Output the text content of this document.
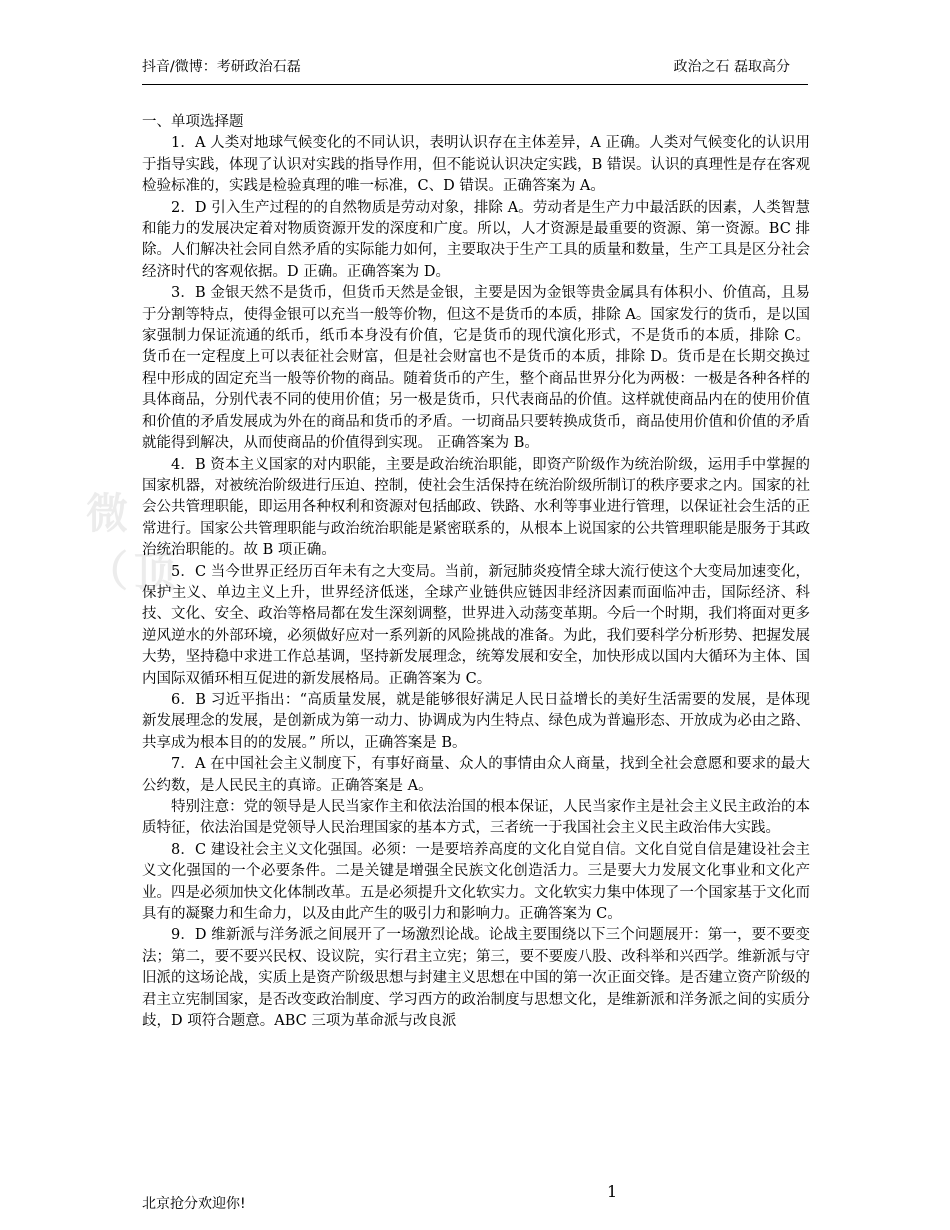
抖音/微博：考研政治石磊	政治之石 磊取高分
微
（顶

一、单项选择题

1．A 人类对地球气候变化的不同认识，表明认识存在主体差异，A 正确。人类对气候变化的认识用于指导实践，体现了认识对实践的指导作用，但不能说认识决定实践，B 错误。认识的真理性是存在客观检验标准的，实践是检验真理的唯一标准，C、D 错误。正确答案为 A。

2．D 引入生产过程的的自然物质是劳动对象，排除 A。劳动者是生产力中最活跃的因素，人类智慧和能力的发展决定着对物质资源开发的深度和广度。所以，人才资源是最重要的资源、第一资源。BC 排除。人们解决社会同自然矛盾的实际能力如何，主要取决于生产工具的质量和数量，生产工具是区分社会经济时代的客观依据。D 正确。正确答案为 D。

3．B 金银天然不是货币，但货币天然是金银，主要是因为金银等贵金属具有体积小、价值高，且易于分割等特点，使得金银可以充当一般等价物，但这不是货币的本质，排除 A。国家发行的货币，是以国家强制力保证流通的纸币，纸币本身没有价值，它是货币的现代演化形式，不是货币的本质，排除 C。货币在一定程度上可以表征社会财富，但是社会财富也不是货币的本质，排除 D。货币是在长期交换过程中形成的固定充当一般等价物的商品。随着货币的产生，整个商品世界分化为两极：一极是各种各样的具体商品，分别代表不同的使用价值；另一极是货币，只代表商品的价值。这样就使商品内在的使用价值和价值的矛盾发展成为外在的商品和货币的矛盾。一切商品只要转换成货币，商品使用价值和价值的矛盾就能得到解决，从而使商品的价值得到实现。 正确答案为 B。

4．B 资本主义国家的对内职能，主要是政治统治职能，即资产阶级作为统治阶级，运用手中掌握的国家机器，对被统治阶级进行压迫、控制，使社会生活保持在统治阶级所制订的秩序要求之内。国家的社会公共管理职能，即运用各种权利和资源对包括邮政、铁路、水利等事业进行管理，以保证社会生活的正常进行。国家公共管理职能与政治统治职能是紧密联系的，从根本上说国家的公共管理职能是服务于其政治统治职能的。故 B 项正确。

5．C 当今世界正经历百年未有之大变局。当前，新冠肺炎疫情全球大流行使这个大变局加速变化，保护主义、单边主义上升，世界经济低迷，全球产业链供应链因非经济因素而面临冲击，国际经济、科技、文化、安全、政治等格局都在发生深刻调整，世界进入动荡变革期。今后一个时期，我们将面对更多逆风逆水的外部环境，必须做好应对一系列新的风险挑战的准备。为此，我们要科学分析形势、把握发展大势，坚持稳中求进工作总基调，坚持新发展理念，统筹发展和安全，加快形成以国内大循环为主体、国内国际双循环相互促进的新发展格局。正确答案为 C。

6．B 习近平指出：“高质量发展，就是能够很好满足人民日益增长的美好生活需要的发展，是体现新发展理念的发展，是创新成为第一动力、协调成为内生特点、绿色成为普遍形态、开放成为必由之路、共享成为根本目的的发展。” 所以，正确答案是 B。

7．A 在中国社会主义制度下，有事好商量、众人的事情由众人商量，找到全社会意愿和要求的最大公约数，是人民民主的真谛。正确答案是 A。

特别注意：党的领导是人民当家作主和依法治国的根本保证，人民当家作主是社会主义民主政治的本质特征，依法治国是党领导人民治理国家的基本方式，三者统一于我国社会主义民主政治伟大实践。

8．C 建设社会主义文化强国。必须：一是要培养高度的文化自觉自信。文化自觉自信是建设社会主义文化强国的一个必要条件。二是关键是增强全民族文化创造活力。三是要大力发展文化事业和文化产业。四是必须加快文化体制改革。五是必须提升文化软实力。文化软实力集中体现了一个国家基于文化而具有的凝聚力和生命力，以及由此产生的吸引力和影响力。正确答案为 C。

9．D 维新派与洋务派之间展开了一场激烈论战。论战主要围绕以下三个问题展开：第一，要不要变法；第二，要不要兴民权、设议院，实行君主立宪；第三，要不要废八股、改科举和兴西学。维新派与守旧派的这场论战，实质上是资产阶级思想与封建主义思想在中国的第一次正面交锋。是否建立资产阶级的君主立宪制国家，是否改变政治制度、学习西方的政治制度与思想文化，是维新派和洋务派之间的实质分歧，D 项符合题意。ABC 三项为革命派与改良派

北京抢分欢迎你!
1
